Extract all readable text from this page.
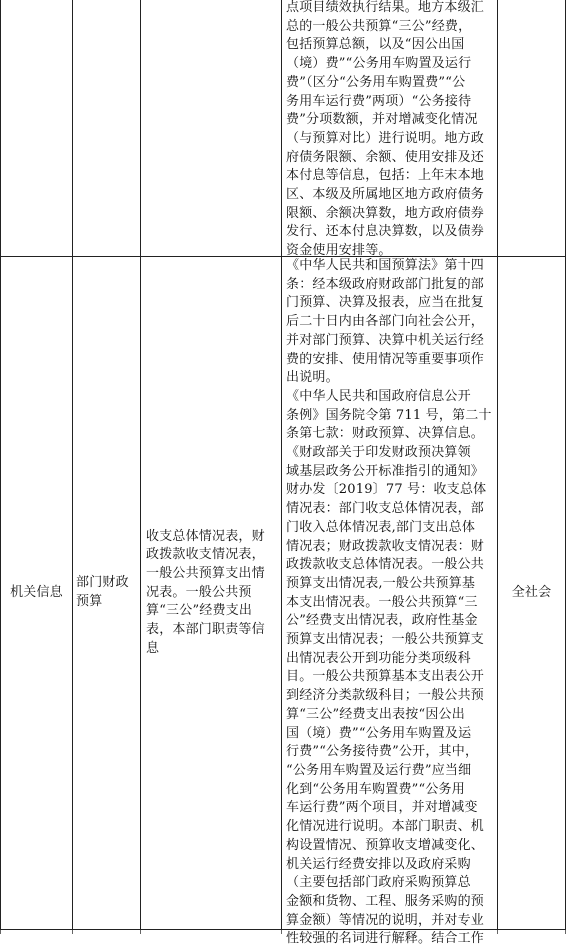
点项目绩效执行结果。地方本级汇

总的一般公共预算“三公”经费，

包括预算总额，以及“因公出国

（境）费”“公务用车购置及运行

费”（区分“公务用车购置费”“公

务用车运行费”两项）“公务接待

费”分项数额，并对增减变化情况

（与预算对比）进行说明。地方政

府债务限额、余额、使用安排及还

本付息等信息，包括：上年末本地

区、本级及所属地区地方政府债务

限额、余额决算数，地方政府债券

发行、还本付息决算数，以及债券

资金使用安排等。

机关信息
部门财政预算
收支总体情况表，财政拨款收支情况表，一般公共预算支出情况表。一般公共预算“三公”经费支出表，本部门职责等信息

《中华人民共和国预算法》第十四

条：经本级政府财政部门批复的部

门预算、决算及报表，应当在批复

后二十日内由各部门向社会公开，

并对部门预算、决算中机关运行经

费的安排、使用情况等重要事项作

出说明。

《中华人民共和国政府信息公开

条例》国务院令第 711 号，第二十

条第七款：财政预算、决算信息。

《财政部关于印发财政预决算领

域基层政务公开标准指引的通知》

财办发〔2019〕77 号：收支总体

情况表：部门收支总体情况表，部

门收入总体情况表,部门支出总体

情况表；财政拨款收支情况表：财

政拨款收支总体情况表。一般公共

预算支出情况表,一般公共预算基

本支出情况表。一般公共预算“三

公”经费支出情况表，政府性基金

预算支出情况表；一般公共预算支

出情况表公开到功能分类项级科

目。一般公共预算基本支出表公开

到经济分类款级科目；一般公共预

算“三公”经费支出表按“因公出

国（境）费”“公务用车购置及运

行费”“公务接待费”公开，其中，

“公务用车购置及运行费”应当细

化到“公务用车购置费”“公务用

车运行费”两个项目，并对增减变

化情况进行说明。本部门职责、机

构设置情况、预算收支增减变化、

机关运行经费安排以及政府采购

（主要包括部门政府采购预算总

金额和货物、工程、服务采购的预

算金额）等情况的说明，并对专业

性较强的名词进行解释。结合工作

全社会
